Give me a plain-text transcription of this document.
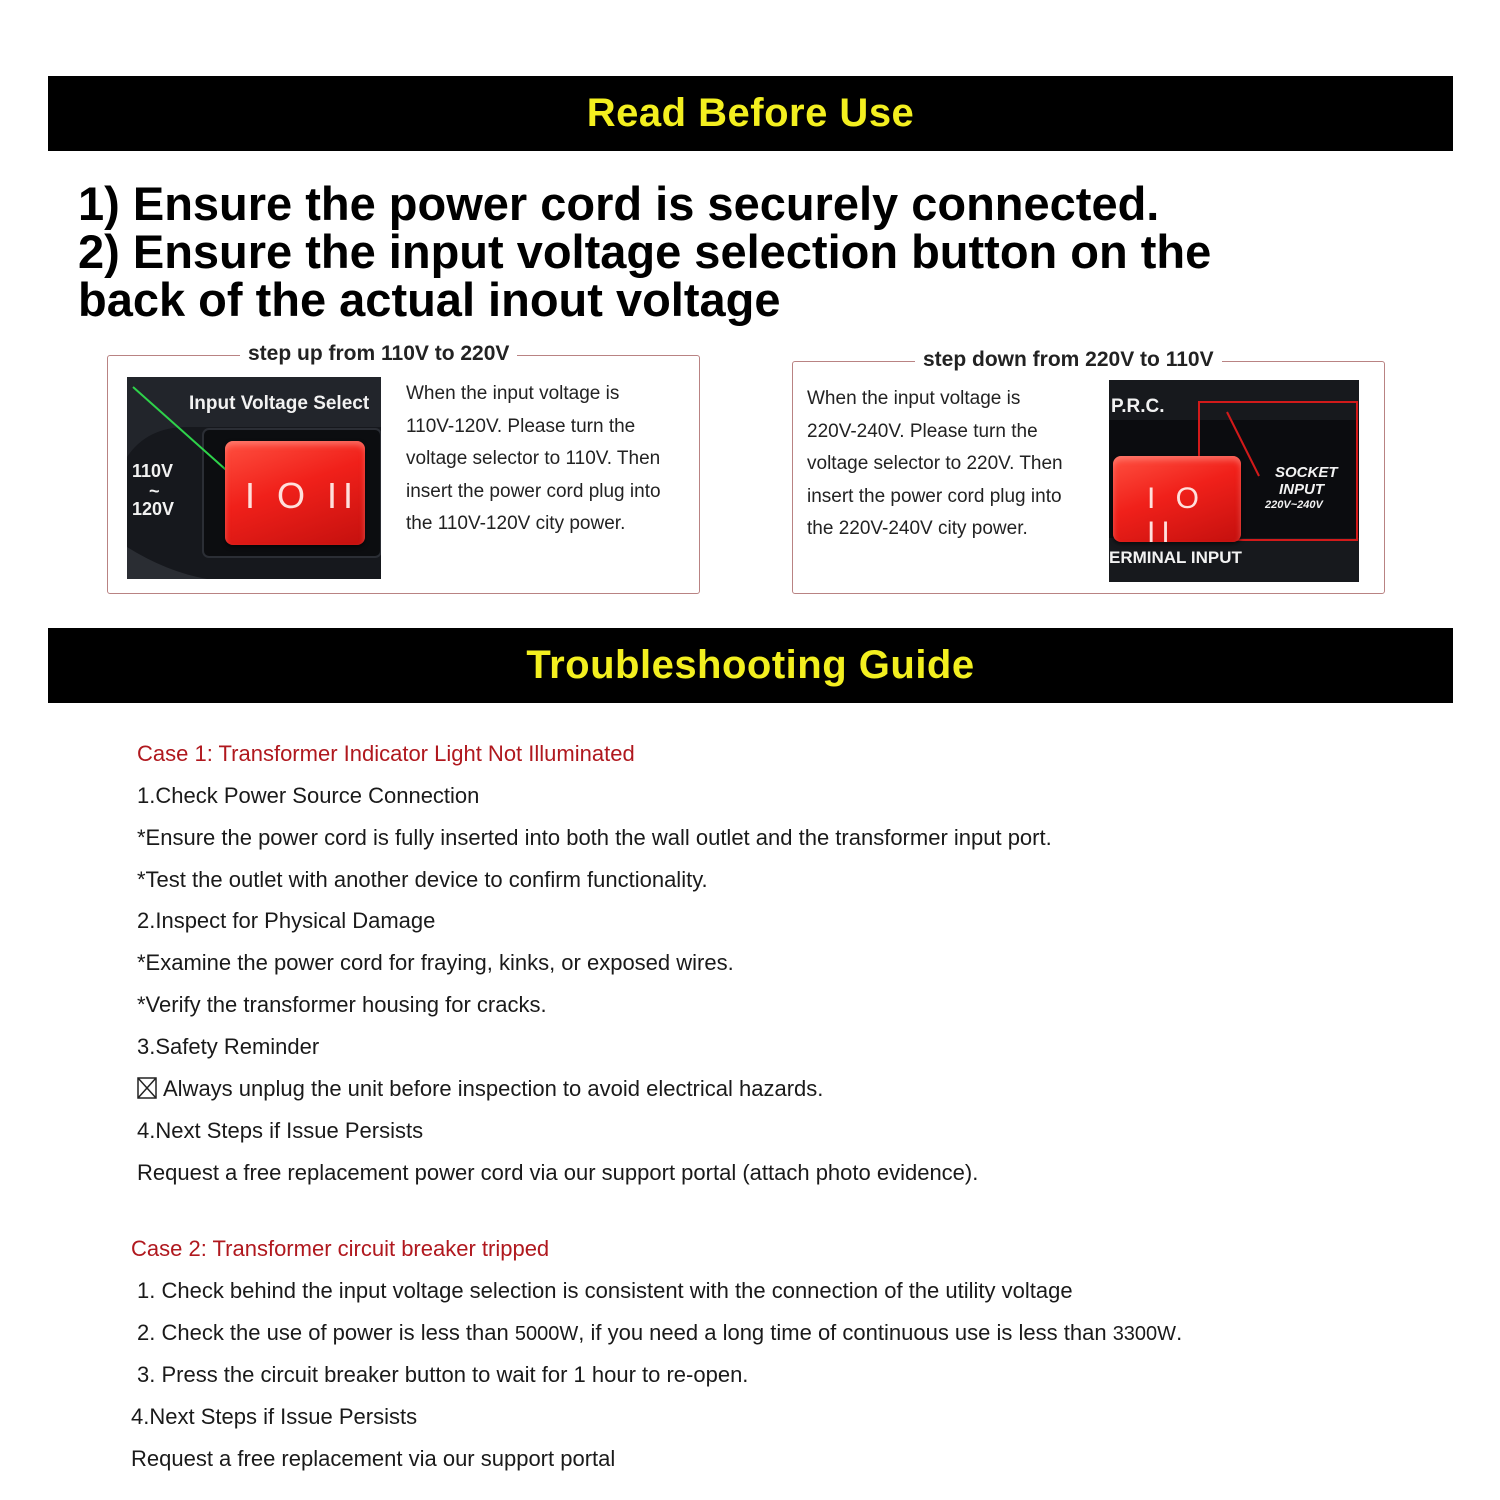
Read Before Use
1) Ensure the power cord is securely connected.
2) Ensure the input voltage selection button on the
back of the actual inout voltage
step up from 110V to 220V
Input Voltage Select
110V
~
120V I O II
When the input voltage is
110V-120V. Please turn the
voltage selector to 110V. Then
insert the power cord plug into
the 110V-120V city power.
step down from 220V to 110V
When the input voltage is
220V-240V. Please turn the
voltage selector to 220V. Then
insert the power cord plug into
the 220V-240V city power.
P.R.C.
I O II
SOCKET
INPUT
220V~240V
ERMINAL INPUT
Troubleshooting Guide
Case 1: Transformer Indicator Light Not Illuminated
1.Check Power Source Connection
*Ensure the power cord is fully inserted into both the wall outlet and the transformer input port.
*Test the outlet with another device to confirm functionality.
2.Inspect for Physical Damage
*Examine the power cord for fraying, kinks, or exposed wires.
*Verify the transformer housing for cracks.
3.Safety Reminder
Always unplug the unit before inspection to avoid electrical hazards.
4.Next Steps if Issue Persists
Request a free replacement power cord via our support portal (attach photo evidence).
Case 2: Transformer circuit breaker tripped
1. Check behind the input voltage selection is consistent with the connection of the utility voltage
2. Check the use of power is less than 5000W, if you need a long time of continuous use is less than 3300W.
3. Press the circuit breaker button to wait for 1 hour to re-open.
4.Next Steps if Issue Persists
Request a free replacement via our support portal
